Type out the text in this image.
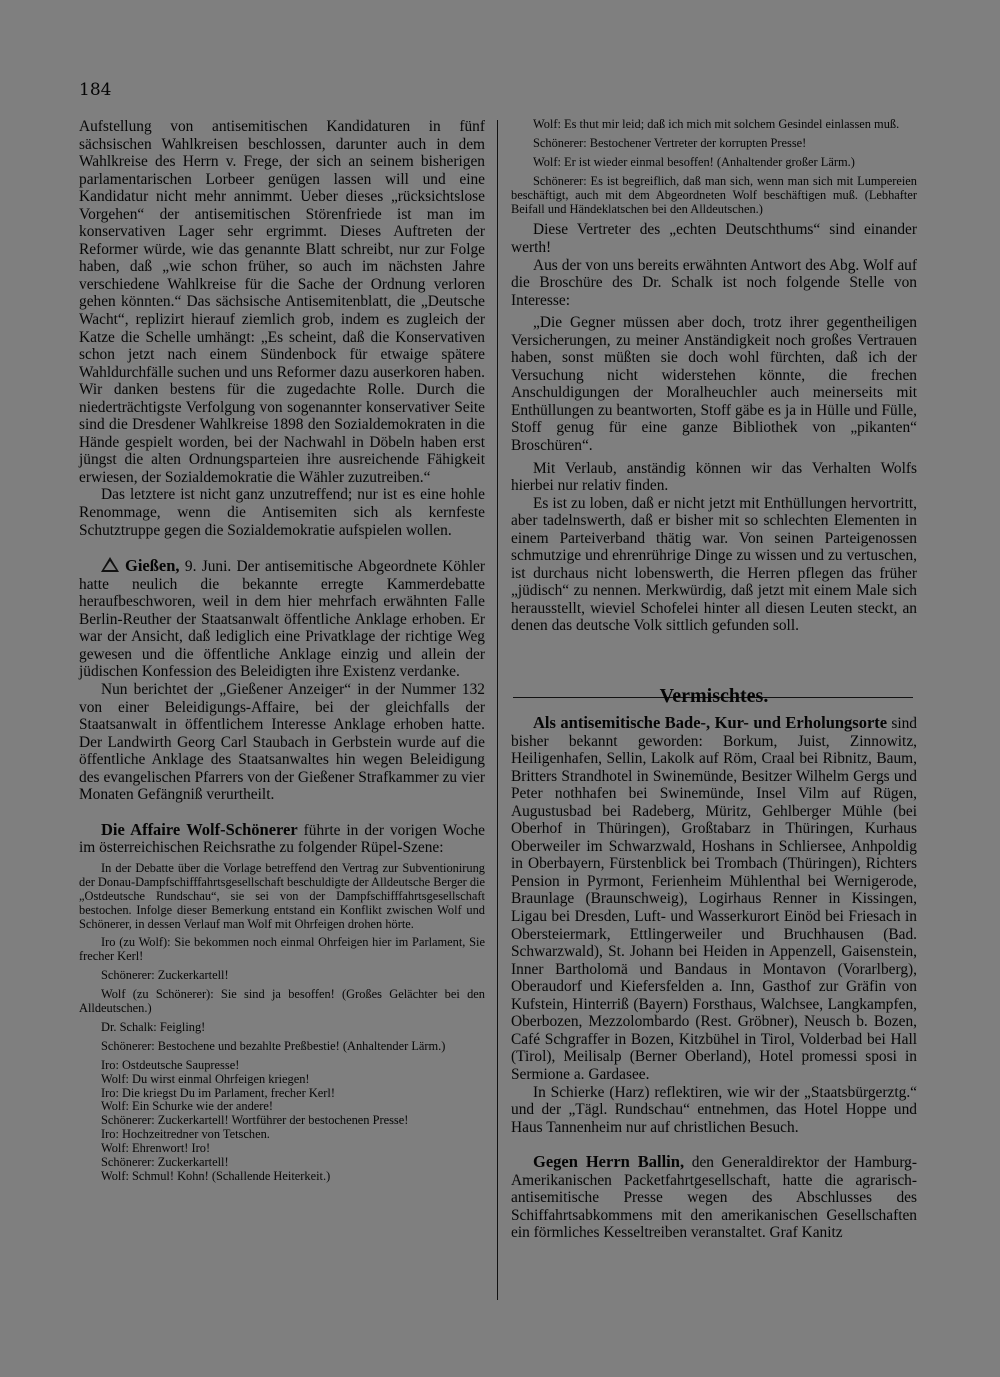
184

Aufstellung von antisemitischen Kandidaturen in fünf sächsischen Wahlkreisen beschlossen, darunter auch in dem Wahlkreise des Herrn v. Frege, der sich an seinem bisherigen parlamentarischen Lorbeer genügen lassen will und eine Kandidatur nicht mehr annimmt. Ueber dieses „rücksichtslose Vorgehen“ der antisemitischen Störenfriede ist man im konservativen Lager sehr ergrimmt. Dieses Auftreten der Reformer würde, wie das genannte Blatt schreibt, nur zur Folge haben, daß „wie schon früher, so auch im nächsten Jahre verschiedene Wahlkreise für die Sache der Ordnung verloren gehen könnten.“ Das sächsische Antisemitenblatt, die „Deutsche Wacht“, replizirt hierauf ziemlich grob, indem es zugleich der Katze die Schelle umhängt: „Es scheint, daß die Konservativen schon jetzt nach einem Sündenbock für etwaige spätere Wahldurchfälle suchen und uns Reformer dazu auserkoren haben. Wir danken bestens für die zugedachte Rolle. Durch die niederträchtigste Verfolgung von sogenannter konservativer Seite sind die Dresdener Wahlkreise 1898 den Sozialdemokraten in die Hände gespielt worden, bei der Nachwahl in Döbeln haben erst jüngst die alten Ordnungsparteien ihre ausreichende Fähigkeit erwiesen, der Sozialdemokratie die Wähler zuzutreiben.“

Das letztere ist nicht ganz unzutreffend; nur ist es eine hohle Renommage, wenn die Antisemiten sich als kernfeste Schutztruppe gegen die Sozialdemokratie aufspielen wollen.

Gießen, 9. Juni. Der antisemitische Abgeordnete Köhler hatte neulich die bekannte erregte Kammerdebatte heraufbeschworen, weil in dem hier mehrfach erwähnten Falle Berlin-Reuther der Staatsanwalt öffentliche Anklage erhoben. Er war der Ansicht, daß lediglich eine Privatklage der richtige Weg gewesen und die öffentliche Anklage einzig und allein der jüdischen Konfession des Beleidigten ihre Existenz verdanke.

Nun berichtet der „Gießener Anzeiger“ in der Nummer 132 von einer Beleidigungs-Affaire, bei der gleichfalls der Staatsanwalt in öffentlichem Interesse Anklage erhoben hatte. Der Landwirth Georg Carl Staubach in Gerbstein wurde auf die öffentliche Anklage des Staatsanwaltes hin wegen Beleidigung des evangelischen Pfarrers von der Gießener Strafkammer zu vier Monaten Gefängniß verurtheilt.

Die Affaire Wolf-Schönerer führte in der vorigen Woche im österreichischen Reichsrathe zu folgender Rüpel-Szene:

In der Debatte über die Vorlage betreffend den Vertrag zur Subventionirung der Donau-Dampfschifffahrtsgesellschaft beschuldigte der Alldeutsche Berger die „Ostdeutsche Rundschau“, sie sei von der Dampfschifffahrtsgesellschaft bestochen. Infolge dieser Bemerkung entstand ein Konflikt zwischen Wolf und Schönerer, in dessen Verlauf man Wolf mit Ohrfeigen drohen hörte.

Iro (zu Wolf): Sie bekommen noch einmal Ohrfeigen hier im Parlament, Sie frecher Kerl!

Schönerer: Zuckerkartell!

Wolf (zu Schönerer): Sie sind ja besoffen! (Großes Gelächter bei den Alldeutschen.)

Dr. Schalk: Feigling!

Schönerer: Bestochene und bezahlte Preßbestie! (Anhaltender Lärm.)

Iro: Ostdeutsche Saupresse!

Wolf: Du wirst einmal Ohrfeigen kriegen!

Iro: Die kriegst Du im Parlament, frecher Kerl!

Wolf: Ein Schurke wie der andere!

Schönerer: Zuckerkartell! Wortführer der bestochenen Presse!

Iro: Hochzeitredner von Tetschen.

Wolf: Ehrenwort! Iro!

Schönerer: Zuckerkartell!

Wolf: Schmul! Kohn! (Schallende Heiterkeit.)

Wolf: Es thut mir leid; daß ich mich mit solchem Gesindel einlassen muß.

Schönerer: Bestochener Vertreter der korrupten Presse!

Wolf: Er ist wieder einmal besoffen! (Anhaltender großer Lärm.)

Schönerer: Es ist begreiflich, daß man sich, wenn man sich mit Lumpereien beschäftigt, auch mit dem Abgeordneten Wolf beschäftigen muß. (Lebhafter Beifall und Händeklatschen bei den Alldeutschen.)

Diese Vertreter des „echten Deutschthums“ sind einander werth!

Aus der von uns bereits erwähnten Antwort des Abg. Wolf auf die Broschüre des Dr. Schalk ist noch folgende Stelle von Interesse:

„Die Gegner müssen aber doch, trotz ihrer gegentheiligen Versicherungen, zu meiner Anständigkeit noch großes Vertrauen haben, sonst müßten sie doch wohl fürchten, daß ich der Versuchung nicht widerstehen könnte, die frechen Anschuldigungen der Moralheuchler auch meinerseits mit Enthüllungen zu beantworten, Stoff gäbe es ja in Hülle und Fülle, Stoff genug für eine ganze Bibliothek von „pikanten“ Broschüren“.

Mit Verlaub, anständig können wir das Verhalten Wolfs hierbei nur relativ finden.

Es ist zu loben, daß er nicht jetzt mit Enthüllungen hervortritt, aber tadelnswerth, daß er bisher mit so schlechten Elementen in einem Parteiverband thätig war. Von seinen Parteigenossen schmutzige und ehrenrührige Dinge zu wissen und zu vertuschen, ist durchaus nicht lobenswerth, die Herren pflegen das früher „jüdisch“ zu nennen. Merkwürdig, daß jetzt mit einem Male sich herausstellt, wieviel Schofelei hinter all diesen Leuten steckt, an denen das deutsche Volk sittlich gefunden soll.

Vermischtes.

Als antisemitische Bade-, Kur- und Erholungsorte sind bisher bekannt geworden: Borkum, Juist, Zinnowitz, Heiligenhafen, Sellin, Lakolk auf Röm, Craal bei Ribnitz, Baum, Britters Strandhotel in Swinemünde, Besitzer Wilhelm Gergs und Peter nothhafen bei Swinemünde, Insel Vilm auf Rügen, Augustusbad bei Radeberg, Müritz, Gehlberger Mühle (bei Oberhof in Thüringen), Großtabarz in Thüringen, Kurhaus Oberweiler im Schwarzwald, Hoshans in Schliersee, Anhpoldig in Oberbayern, Fürstenblick bei Trombach (Thüringen), Richters Pension in Pyrmont, Ferienheim Mühlenthal bei Wernigerode, Braunlage (Braunschweig), Logirhaus Renner in Kissingen, Ligau bei Dresden, Luft- und Wasserkurort Einöd bei Friesach in Obersteiermark, Ettlingerweiler und Bruchhausen (Bad. Schwarzwald), St. Johann bei Heiden in Appenzell, Gaisenstein, Inner Bartholomä und Bandaus in Montavon (Vorarlberg), Oberaudorf und Kiefersfelden a. Inn, Gasthof zur Gräfin von Kufstein, Hinterriß (Bayern) Forsthaus, Walchsee, Langkampfen, Oberbozen, Mezzolombardo (Rest. Gröbner), Neusch b. Bozen, Café Schgraffer in Bozen, Kitzbühel in Tirol, Volderbad bei Hall (Tirol), Meilisalp (Berner Oberland), Hotel promessi sposi in Sermione a. Gardasee.

In Schierke (Harz) reflektiren, wie wir der „Staatsbürgerztg.“ und der „Tägl. Rundschau“ entnehmen, das Hotel Hoppe und Haus Tannenheim nur auf christlichen Besuch.

Gegen Herrn Ballin, den Generaldirektor der Hamburg-Amerikanischen Packetfahrtgesellschaft, hatte die agrarisch-antisemitische Presse wegen des Abschlusses des Schiffahrtsabkommens mit den amerikanischen Gesellschaften ein förmliches Kesseltreiben veranstaltet. Graf Kanitz
